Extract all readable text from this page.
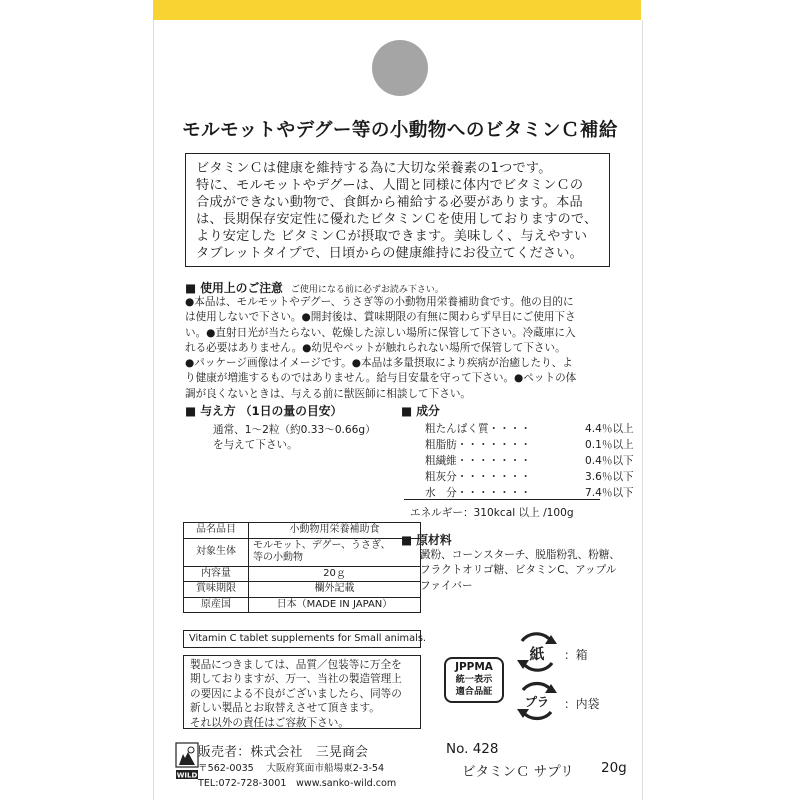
モルモットやデグー等の小動物へのビタミンＣ補給
ビタミンＣは健康を維持する為に大切な栄養素の1つです。
特に、モルモットやデグーは、人間と同様に体内でビタミンＣの
合成ができない動物で、食餌から補給する必要があります。本品
は、長期保存安定性に優れたビタミンＣを使用しておりますので、
より安定した ビタミンＣが摂取できます。美味しく、与えやすい
タブレットタイプで、日頃からの健康維持にお役立てください。
■ 使用上のご注意 ご使用になる前に必ずお読み下さい。
●本品は、モルモットやデグー、うさぎ等の小動物用栄養補助食です。他の目的に
は使用しないで下さい。●開封後は、賞味期限の有無に関わらず早目にご使用下さ
い。●直射日光が当たらない、乾燥した涼しい場所に保管して下さい。冷蔵庫に入
れる必要はありません。●幼児やペットが触れられない場所で保管して下さい。
●パッケージ画像はイメージです。●本品は多量摂取により疾病が治癒したり、よ
り健康が増進するものではありません。給与目安量を守って下さい。●ペットの体
調が良くないときは、与える前に獣医師に相談して下さい。
■ 与え方 （1日の量の目安）
通常、1〜2粒（約0.33〜0.66g）
を与えて下さい。
■ 成分
粗たんぱく質・・・・	4.4％以上
粗脂肪・・・・・・・	0.1％以上
粗繊維・・・・・・・	0.4％以下
粗灰分・・・・・・・	3.6％以下
水　分・・・・・・・	7.4％以下
エネルギー：310kcal 以上 /100g
■ 原材料
澱粉、コーンスターチ、脱脂粉乳、粉糖、
フラクトオリゴ糖、ビタミンC、アップル
ファイバー
品名品目	小動物用栄養補助食
対象生体	モルモット、デグー、うさぎ、
等の小動物

内容量	20ｇ
賞味期限	欄外記載
原産国	日本（MADE IN JAPAN）
Vitamin C tablet supplements for Small animals.
製品につきましては、品質／包装等に万全を
期しておりますが、万一、当社の製造管理上
の要因による不良がございましたら、同等の
新しい製品とお取替えさせて頂きます。
それ以外の責任はご容赦下さい。
JPPMA
統一表示
適合品証
紙 ：箱
プラ ：内袋
WILD
販売者：株式会社　三晃商会
〒562-0035　 大阪府箕面市船場東2-3-54
TEL:072-728-3001　www.sanko-wild.com
No. 428
ビタミンＣ サプリ 20g
